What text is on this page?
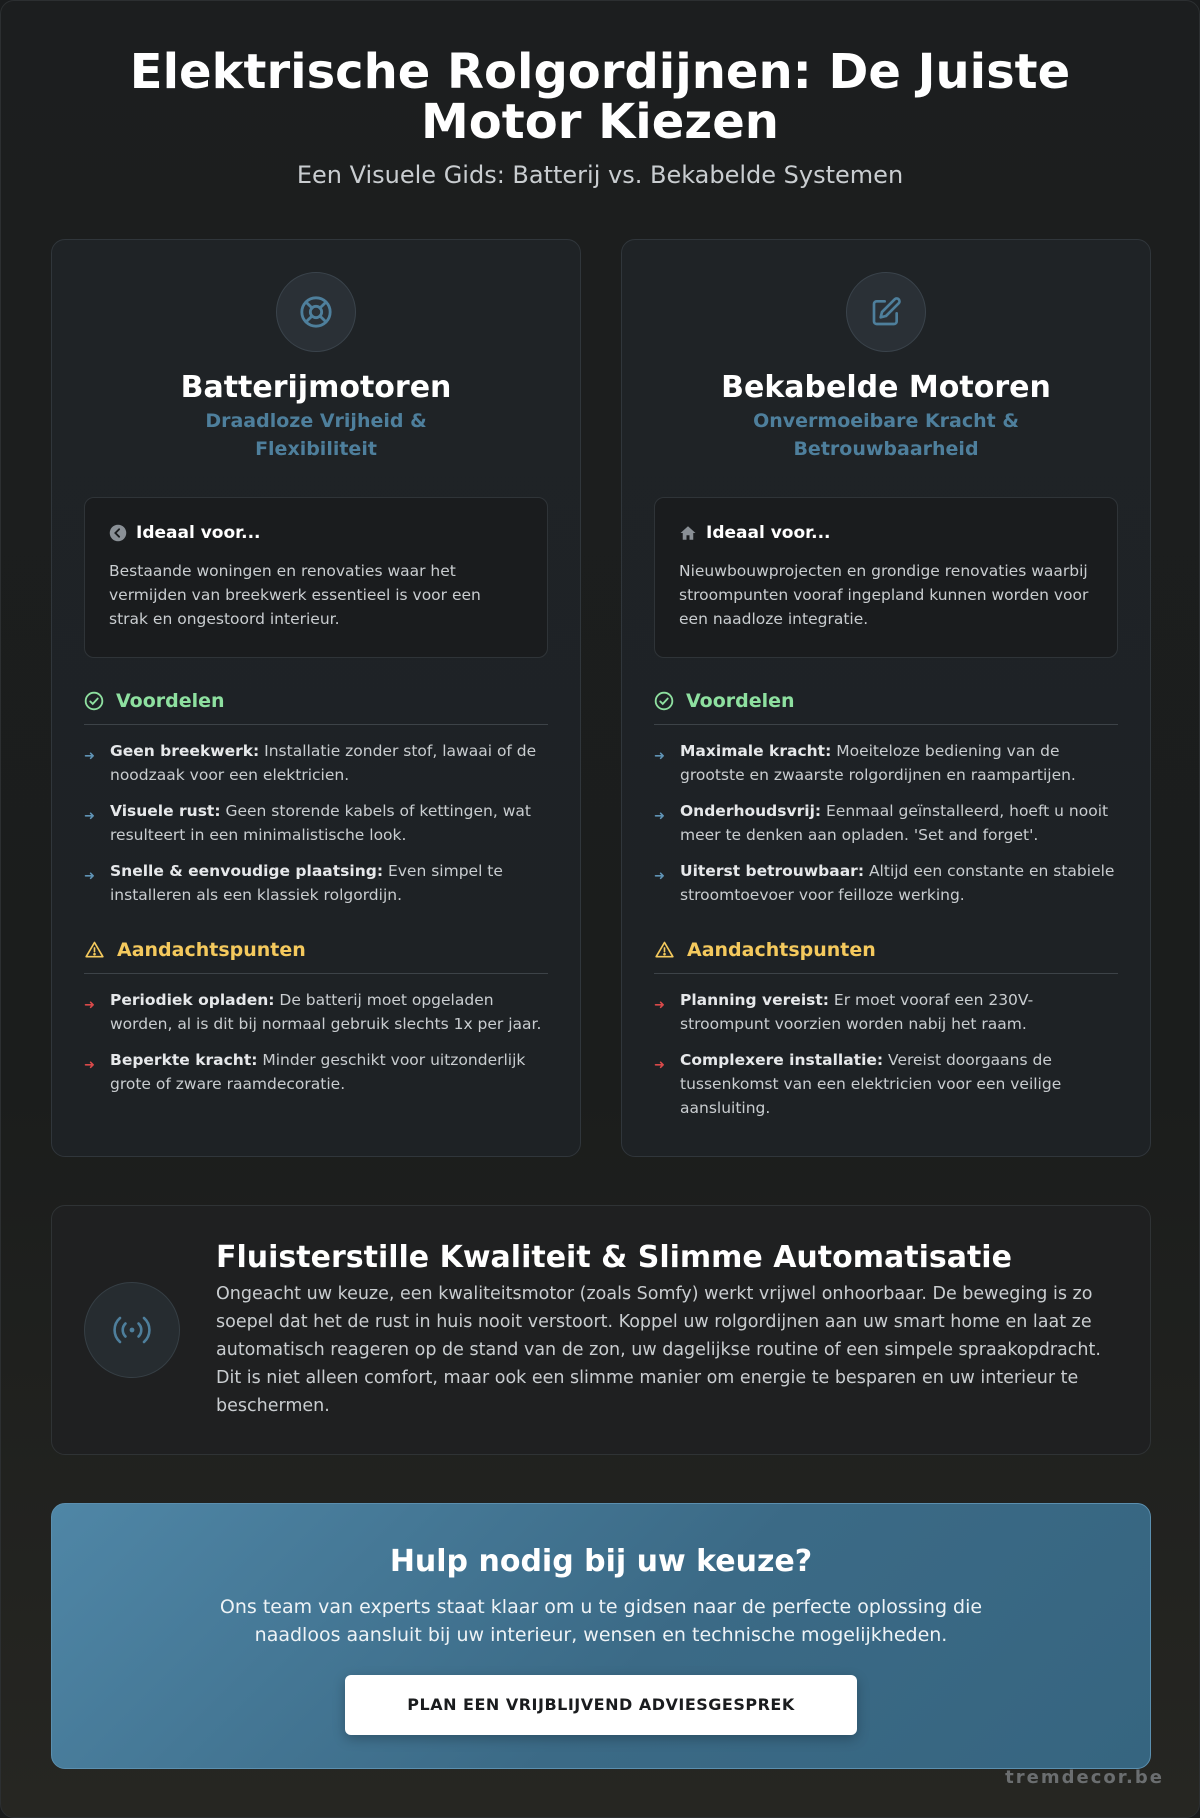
Elektrische Rolgordijnen: De Juiste Motor Kiezen
Een Visuele Gids: Batterij vs. Bekabelde Systemen
Batterijmotoren
Draadloze Vrijheid & Flexibiliteit
Ideaal voor...
Bestaande woningen en renovaties waar het vermijden van breekwerk essentieel is voor een strak en ongestoord interieur.
Voordelen
➜ Geen breekwerk: Installatie zonder stof, lawaai of de noodzaak voor een elektricien.
➜ Visuele rust: Geen storende kabels of kettingen, wat resulteert in een minimalistische look.
➜ Snelle & eenvoudige plaatsing: Even simpel te installeren als een klassiek rolgordijn.
Aandachtspunten
➜ Periodiek opladen: De batterij moet opgeladen worden, al is dit bij normaal gebruik slechts 1x per jaar.
➜ Beperkte kracht: Minder geschikt voor uitzonderlijk grote of zware raamdecoratie.
Bekabelde Motoren
Onvermoeibare Kracht & Betrouwbaarheid
Ideaal voor...
Nieuwbouwprojecten en grondige renovaties waarbij stroompunten vooraf ingepland kunnen worden voor een naadloze integratie.
Voordelen
➜ Maximale kracht: Moeiteloze bediening van de grootste en zwaarste rolgordijnen en raampartijen.
➜ Onderhoudsvrij: Eenmaal geïnstalleerd, hoeft u nooit meer te denken aan opladen. 'Set and forget'.
➜ Uiterst betrouwbaar: Altijd een constante en stabiele stroomtoevoer voor feilloze werking.
Aandachtspunten
➜ Planning vereist: Er moet vooraf een 230V-stroompunt voorzien worden nabij het raam.
➜ Complexere installatie: Vereist doorgaans de tussenkomst van een elektricien voor een veilige aansluiting.
Fluisterstille Kwaliteit & Slimme Automatisatie
Ongeacht uw keuze, een kwaliteitsmotor (zoals Somfy) werkt vrijwel onhoorbaar. De beweging is zo soepel dat het de rust in huis nooit verstoort. Koppel uw rolgordijnen aan uw smart home en laat ze automatisch reageren op de stand van de zon, uw dagelijkse routine of een simpele spraakopdracht. Dit is niet alleen comfort, maar ook een slimme manier om energie te besparen en uw interieur te beschermen.
Hulp nodig bij uw keuze?
Ons team van experts staat klaar om u te gidsen naar de perfecte oplossing die naadloos aansluit bij uw interieur, wensen en technische mogelijkheden.
PLAN EEN VRIJBLIJVEND ADVIESGESPREK
tremdecor.be
